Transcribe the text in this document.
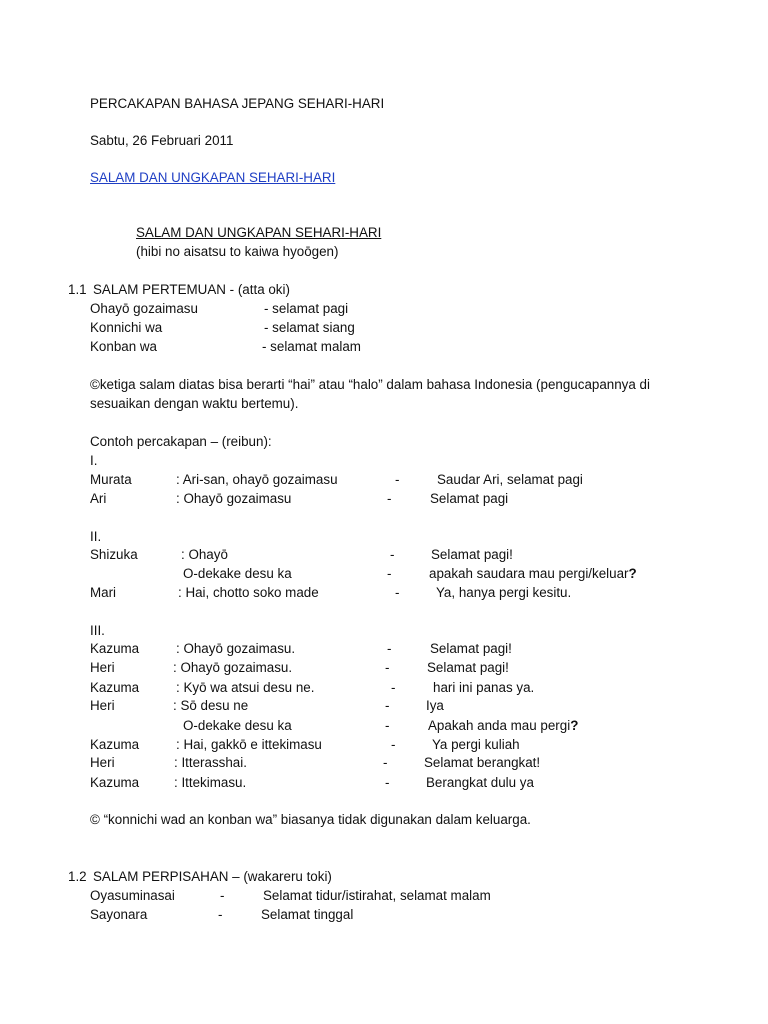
PERCAKAPAN BAHASA JEPANG SEHARI-HARI
Sabtu, 26 Februari 2011
SALAM DAN UNGKAPAN SEHARI-HARI
SALAM DAN UNGKAPAN SEHARI-HARI
(hibi no aisatsu to kaiwa hyoōgen)
1.1 SALAM PERTEMUAN - (atta oki)
Ohayō gozaimasu	- selamat pagi
Konnichi wa	- selamat siang
Konban wa	- selamat malam
©ketiga salam diatas bisa berarti “hai” atau “halo” dalam bahasa Indonesia (pengucapannya di
sesuaikan dengan waktu bertemu).
Contoh percakapan – (reibun):
I.
Murata	: Ari-san, ohayō gozaimasu	-	Saudar Ari, selamat pagi
Ari	: Ohayō gozaimasu	-	Selamat pagi
II.
Shizuka	: Ohayō	-	Selamat pagi!
O-dekake desu ka	-	apakah saudara mau pergi/keluar?
Mari	: Hai, chotto soko made	-	Ya, hanya pergi kesitu.
III.
Kazuma	: Ohayō gozaimasu.	-	Selamat pagi!
Heri	: Ohayō gozaimasu.	-	Selamat pagi!
Kazuma	: Kyō wa atsui desu ne.	-	hari ini panas ya.
Heri	: Sō desu ne	-	Iya
O-dekake desu ka	-	Apakah anda mau pergi?
Kazuma	: Hai, gakkō e ittekimasu	-	Ya pergi kuliah
Heri	: Itterasshai.	-	Selamat berangkat!
Kazuma	: Ittekimasu.	-	Berangkat dulu ya
© “konnichi wad an konban wa” biasanya tidak digunakan dalam keluarga.
1.2 SALAM PERPISAHAN – (wakareru toki)
Oyasuminasai	-	Selamat tidur/istirahat, selamat malam
Sayonara	-	Selamat tinggal
